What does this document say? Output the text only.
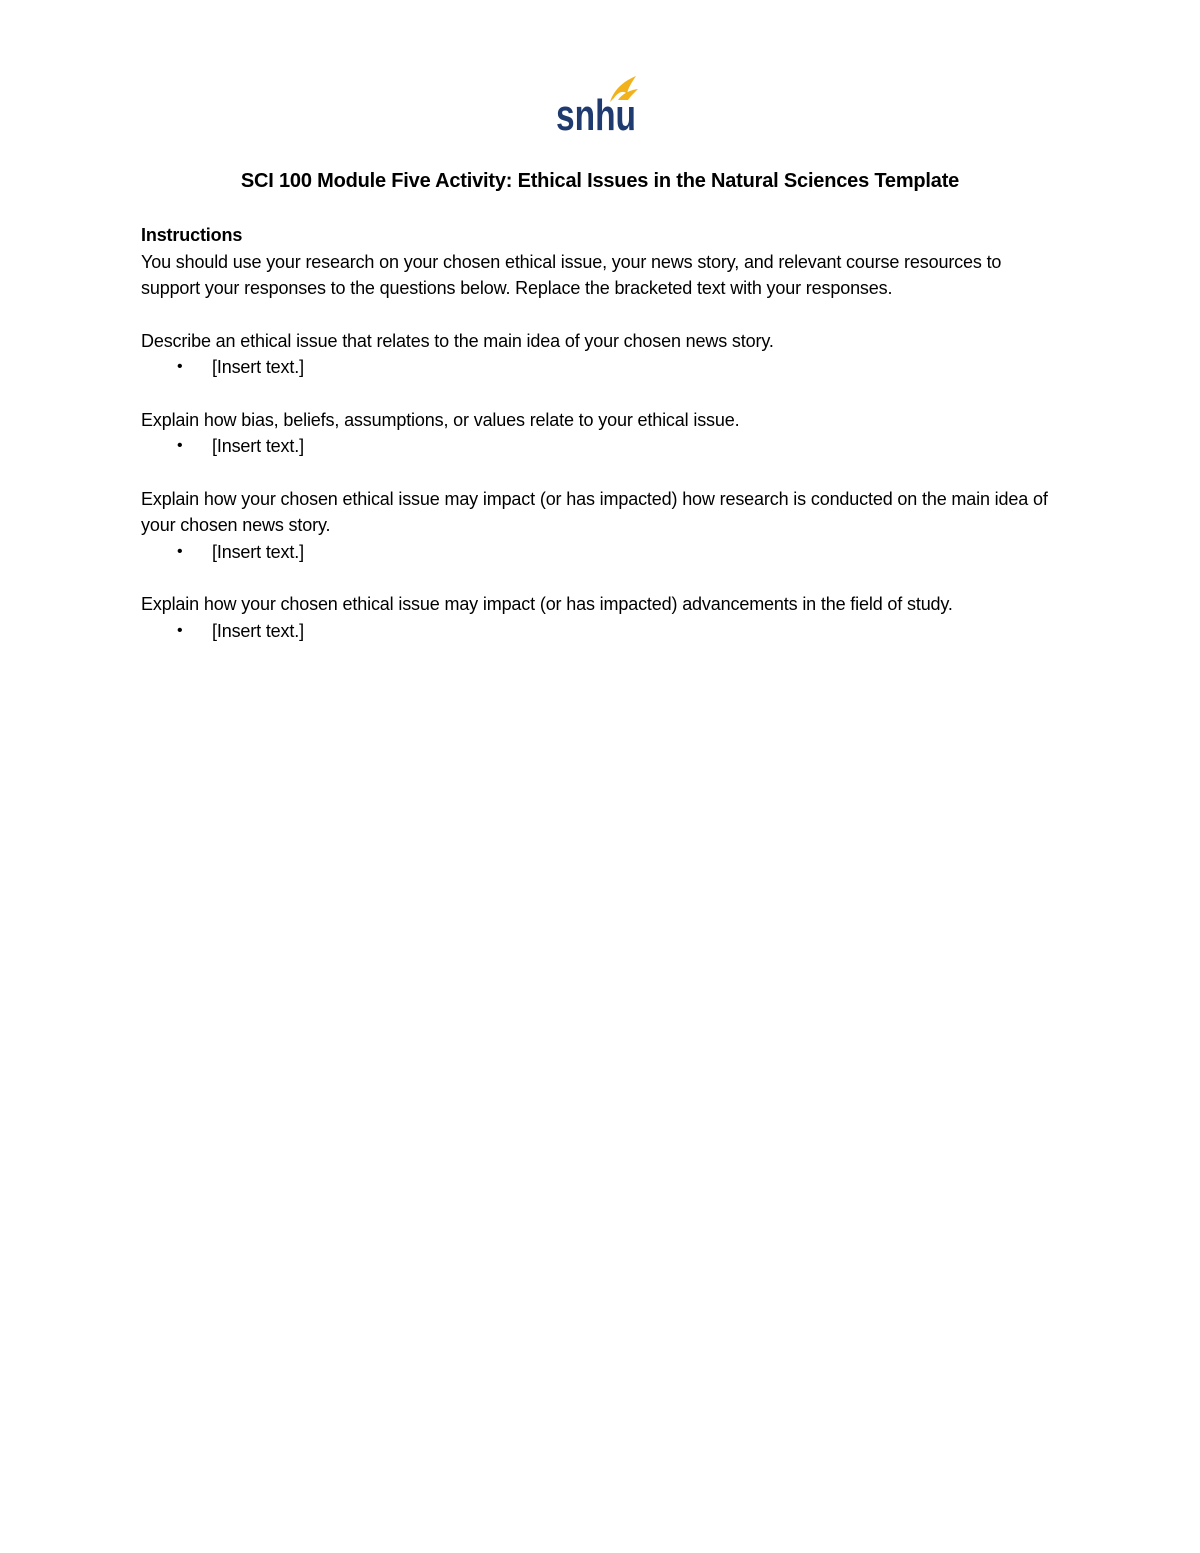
snhu
SCI 100 Module Five Activity: Ethical Issues in the Natural Sciences Template

Instructions

You should use your research on your chosen ethical issue, your news story, and relevant course resources to support your responses to the questions below. Replace the bracketed text with your responses.

Describe an ethical issue that relates to the main idea of your chosen news story.

• [Insert text.]

Explain how bias, beliefs, assumptions, or values relate to your ethical issue.

• [Insert text.]

Explain how your chosen ethical issue may impact (or has impacted) how research is conducted on the main idea of your chosen news story.

• [Insert text.]

Explain how your chosen ethical issue may impact (or has impacted) advancements in the field of study.

• [Insert text.]
